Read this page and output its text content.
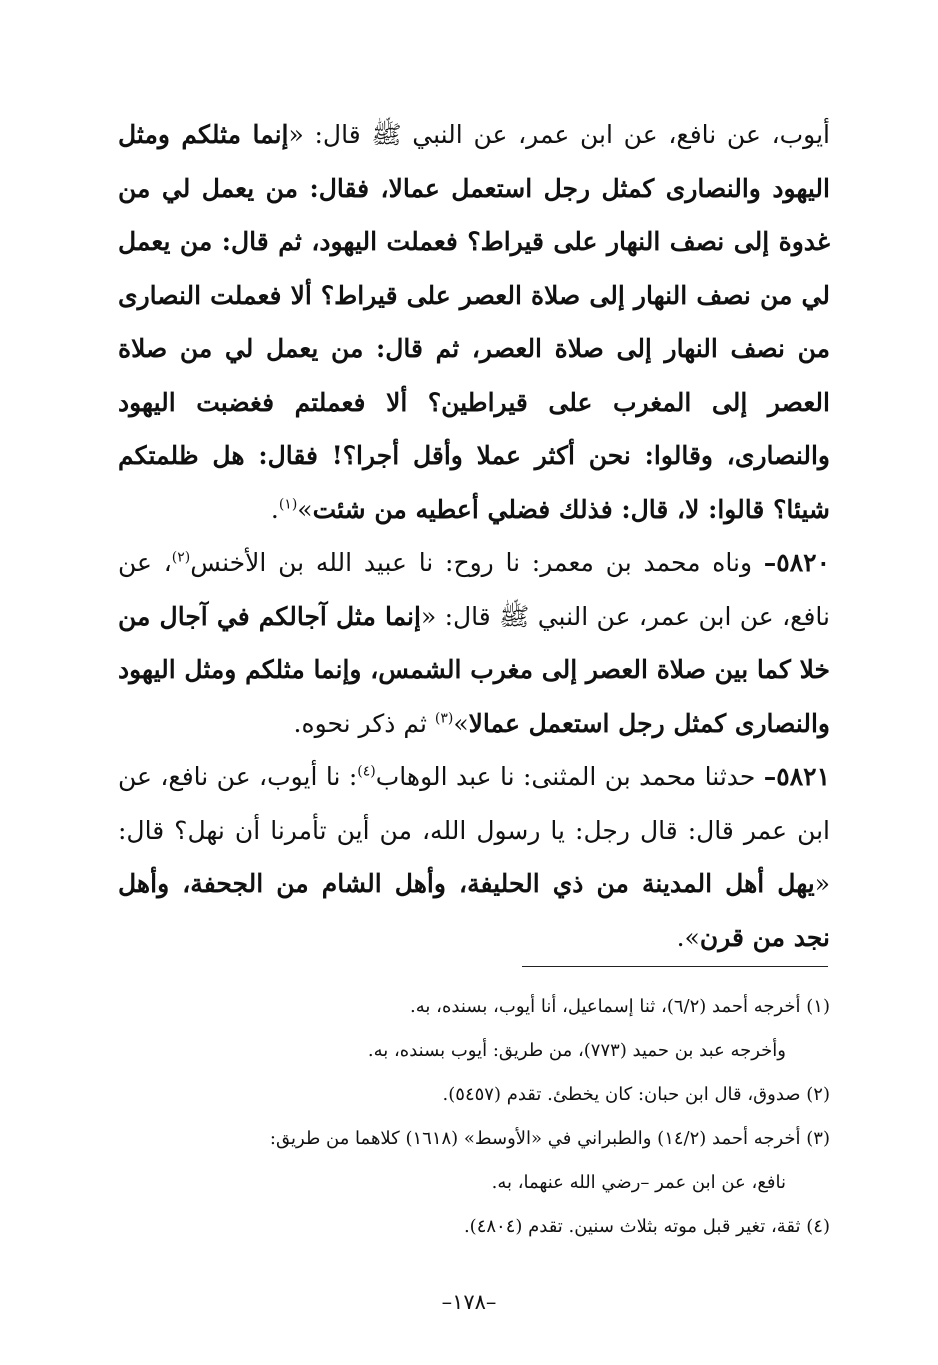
أيوب، عن نافع، عن ابن عمر، عن النبي ﷺ قال: «إنما مثلكم ومثل اليهود والنصارى كمثل رجل استعمل عمالا، فقال: من يعمل لي من غدوة إلى نصف النهار على قيراط؟ فعملت اليهود، ثم قال: من يعمل لي من نصف النهار إلى صلاة العصر على قيراط؟ ألا فعملت النصارى من نصف النهار إلى صلاة العصر، ثم قال: من يعمل لي من صلاة العصر إلى المغرب على قيراطين؟ ألا فعملتم فغضبت اليهود والنصارى، وقالوا: نحن أكثر عملا وأقل أجرا؟! فقال: هل ظلمتكم شيئا؟ قالوا: لا، قال: فذلك فضلي أعطيه من شئت»$^{(١)}$.

٥٨٢٠– وناه محمد بن معمر: نا روح: نا عبيد الله بن الأخنس$^{(٢)}$، عن نافع، عن ابن عمر، عن النبي ﷺ قال: «إنما مثل آجالكم في آجال من خلا كما بين صلاة العصر إلى مغرب الشمس، وإنما مثلكم ومثل اليهود والنصارى كمثل رجل استعمل عمالا»$^{(٣)}$ ثم ذكر نحوه.

٥٨٢١– حدثنا محمد بن المثنى: نا عبد الوهاب$^{(٤)}$: نا أيوب، عن نافع، عن ابن عمر قال: قال رجل: يا رسول الله، من أين تأمرنا أن نهل؟ قال: «يهل أهل المدينة من ذي الحليفة، وأهل الشام من الجحفة، وأهل نجد من قرن».

(١) أخرجه أحمد (٦/٢)، ثنا إسماعيل، أنا أيوب، بسنده، به.

وأخرجه عبد بن حميد (٧٧٣)، من طريق: أيوب بسنده، به.

(٢) صدوق، قال ابن حبان: كان يخطئ. تقدم (٥٤٥٧).

(٣) أخرجه أحمد (١٤/٢) والطبراني في «الأوسط» (١٦١٨) كلاهما من طريق:

نافع، عن ابن عمر –رضي الله عنهما، به.

(٤) ثقة، تغير قبل موته بثلاث سنين. تقدم (٤٨٠٤).

–١٧٨–
